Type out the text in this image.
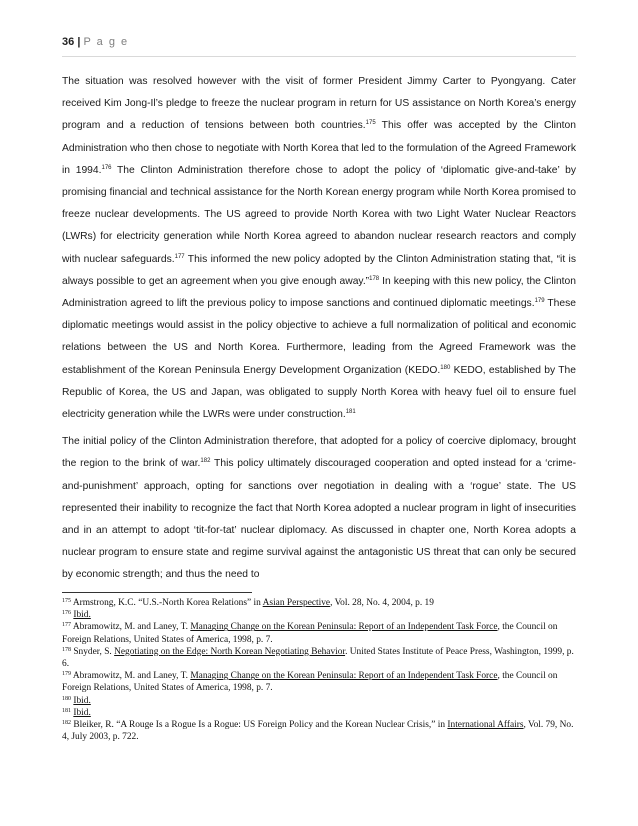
36 | P a g e

The situation was resolved however with the visit of former President Jimmy Carter to Pyongyang. Cater received Kim Jong-Il’s pledge to freeze the nuclear program in return for US assistance on North Korea’s energy program and a reduction of tensions between both countries.$^{175}$ This offer was accepted by the Clinton Administration who then chose to negotiate with North Korea that led to the formulation of the Agreed Framework in 1994.$^{176}$ The Clinton Administration therefore chose to adopt the policy of ‘diplomatic give-and-take’ by promising financial and technical assistance for the North Korean energy program while North Korea promised to freeze nuclear developments. The US agreed to provide North Korea with two Light Water Nuclear Reactors (LWRs) for electricity generation while North Korea agreed to abandon nuclear research reactors and comply with nuclear safeguards.$^{177}$ This informed the new policy adopted by the Clinton Administration stating that, “it is always possible to get an agreement when you give enough away.”$^{178}$ In keeping with this new policy, the Clinton Administration agreed to lift the previous policy to impose sanctions and continued diplomatic meetings.$^{179}$ These diplomatic meetings would assist in the policy objective to achieve a full normalization of political and economic relations between the US and North Korea. Furthermore, leading from the Agreed Framework was the establishment of the Korean Peninsula Energy Development Organization (KEDO.$^{180}$ KEDO, established by The Republic of Korea, the US and Japan, was obligated to supply North Korea with heavy fuel oil to ensure fuel electricity generation while the LWRs were under construction.$^{181}$

The initial policy of the Clinton Administration therefore, that adopted for a policy of coercive diplomacy, brought the region to the brink of war.$^{182}$ This policy ultimately discouraged cooperation and opted instead for a ‘crime-and-punishment’ approach, opting for sanctions over negotiation in dealing with a ‘rogue’ state. The US represented their inability to recognize the fact that North Korea adopted a nuclear program in light of insecurities and in an attempt to adopt ‘tit-for-tat’ nuclear diplomacy. As discussed in chapter one, North Korea adopts a nuclear program to ensure state and regime survival against the antagonistic US threat that can only be secured by economic strength; and thus the need to

$^{175}$ Armstrong, K.C. “U.S.-North Korea Relations” in Asian Perspective, Vol. 28, No. 4, 2004, p. 19

$^{176}$ Ibid.

$^{177}$ Abramowitz, M. and Laney, T. Managing Change on the Korean Peninsula: Report of an Independent Task Force, the Council on Foreign Relations, United States of America, 1998, p. 7.

$^{178}$ Snyder, S. Negotiating on the Edge: North Korean Negotiating Behavior. United States Institute of Peace Press, Washington, 1999, p. 6.

$^{179}$ Abramowitz, M. and Laney, T. Managing Change on the Korean Peninsula: Report of an Independent Task Force, the Council on Foreign Relations, United States of America, 1998, p. 7.

$^{180}$ Ibid.

$^{181}$ Ibid.

$^{182}$ Bleiker, R. “A Rouge Is a Rogue Is a Rogue: US Foreign Policy and the Korean Nuclear Crisis,” in International Affairs, Vol. 79, No. 4, July 2003, p. 722.
